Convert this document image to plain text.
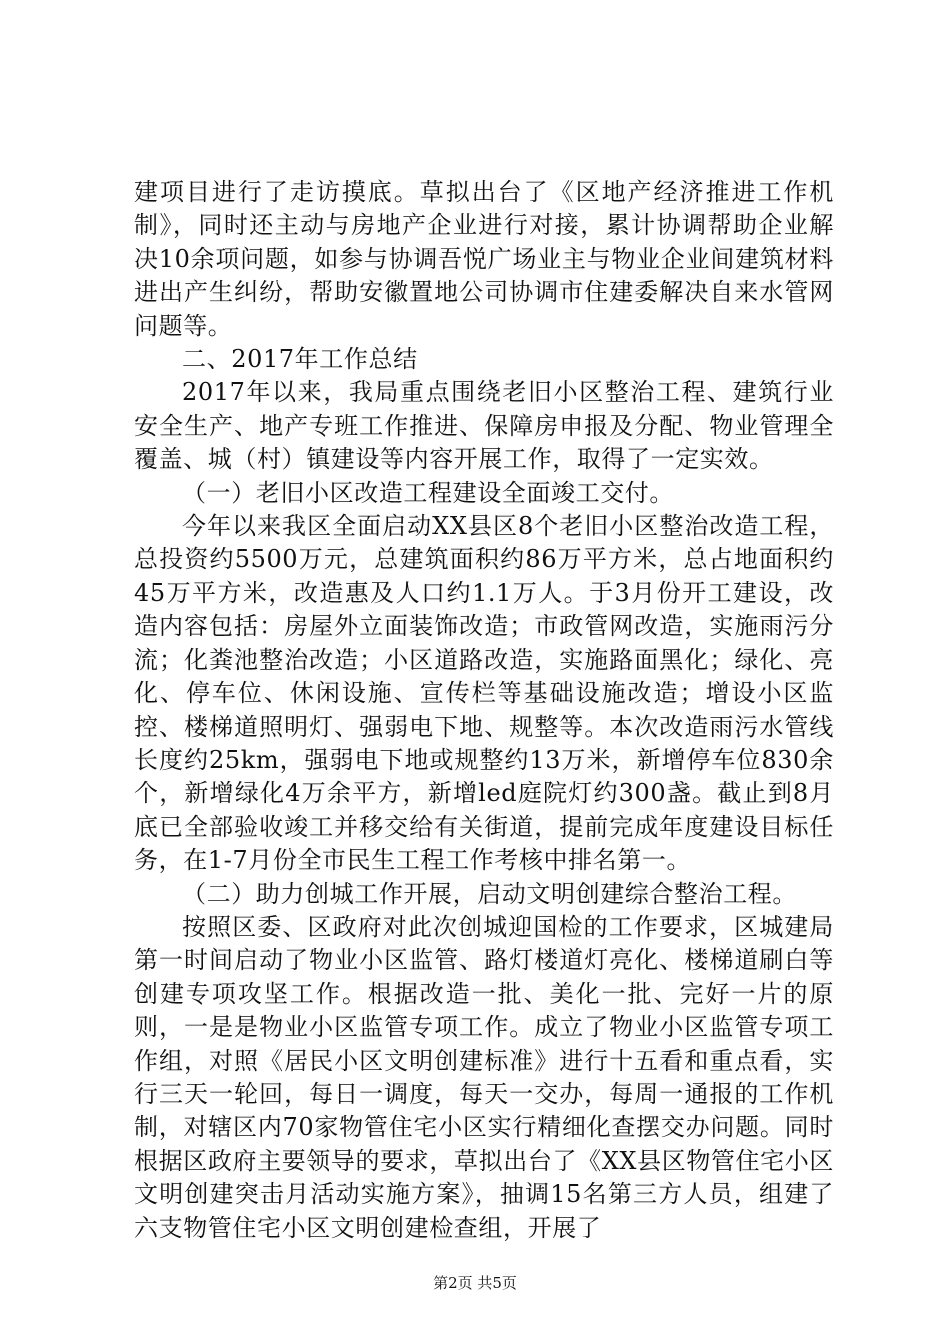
建项目进行了走访摸底。草拟出台了《区地产经济推进工作机制》，同时还主动与房地产企业进行对接，累计协调帮助企业解决10余项问题，如参与协调吾悦广场业主与物业企业间建筑材料进出产生纠纷，帮助安徽置地公司协调市住建委解决自来水管网问题等。

二、2017年工作总结

2017年以来，我局重点围绕老旧小区整治工程、建筑行业安全生产、地产专班工作推进、保障房申报及分配、物业管理全覆盖、城（村）镇建设等内容开展工作，取得了一定实效。

（一）老旧小区改造工程建设全面竣工交付。

今年以来我区全面启动XX县区8个老旧小区整治改造工程，总投资约5500万元，总建筑面积约86万平方米，总占地面积约45万平方米，改造惠及人口约1.1万人。于3月份开工建设，改造内容包括：房屋外立面装饰改造；市政管网改造，实施雨污分流；化粪池整治改造；小区道路改造，实施路面黑化；绿化、亮化、停车位、休闲设施、宣传栏等基础设施改造；增设小区监控、楼梯道照明灯、强弱电下地、规整等。本次改造雨污水管线长度约25km，强弱电下地或规整约13万米，新增停车位830余个，新增绿化4万余平方，新增led庭院灯约300盏。截止到8月底已全部验收竣工并移交给有关街道，提前完成年度建设目标任务，在1-7月份全市民生工程工作考核中排名第一。

（二）助力创城工作开展，启动文明创建综合整治工程。

按照区委、区政府对此次创城迎国检的工作要求，区城建局第一时间启动了物业小区监管、路灯楼道灯亮化、楼梯道刷白等创建专项攻坚工作。根据改造一批、美化一批、完好一片的原则，一是是物业小区监管专项工作。成立了物业小区监管专项工作组，对照《居民小区文明创建标准》进行十五看和重点看，实行三天一轮回，每日一调度，每天一交办，每周一通报的工作机制，对辖区内70家物管住宅小区实行精细化查摆交办问题。同时根据区政府主要领导的要求，草拟出台了《XX县区物管住宅小区文明创建突击月活动实施方案》，抽调15名第三方人员，组建了六支物管住宅小区文明创建检查组，开展了

第2页 共5页
